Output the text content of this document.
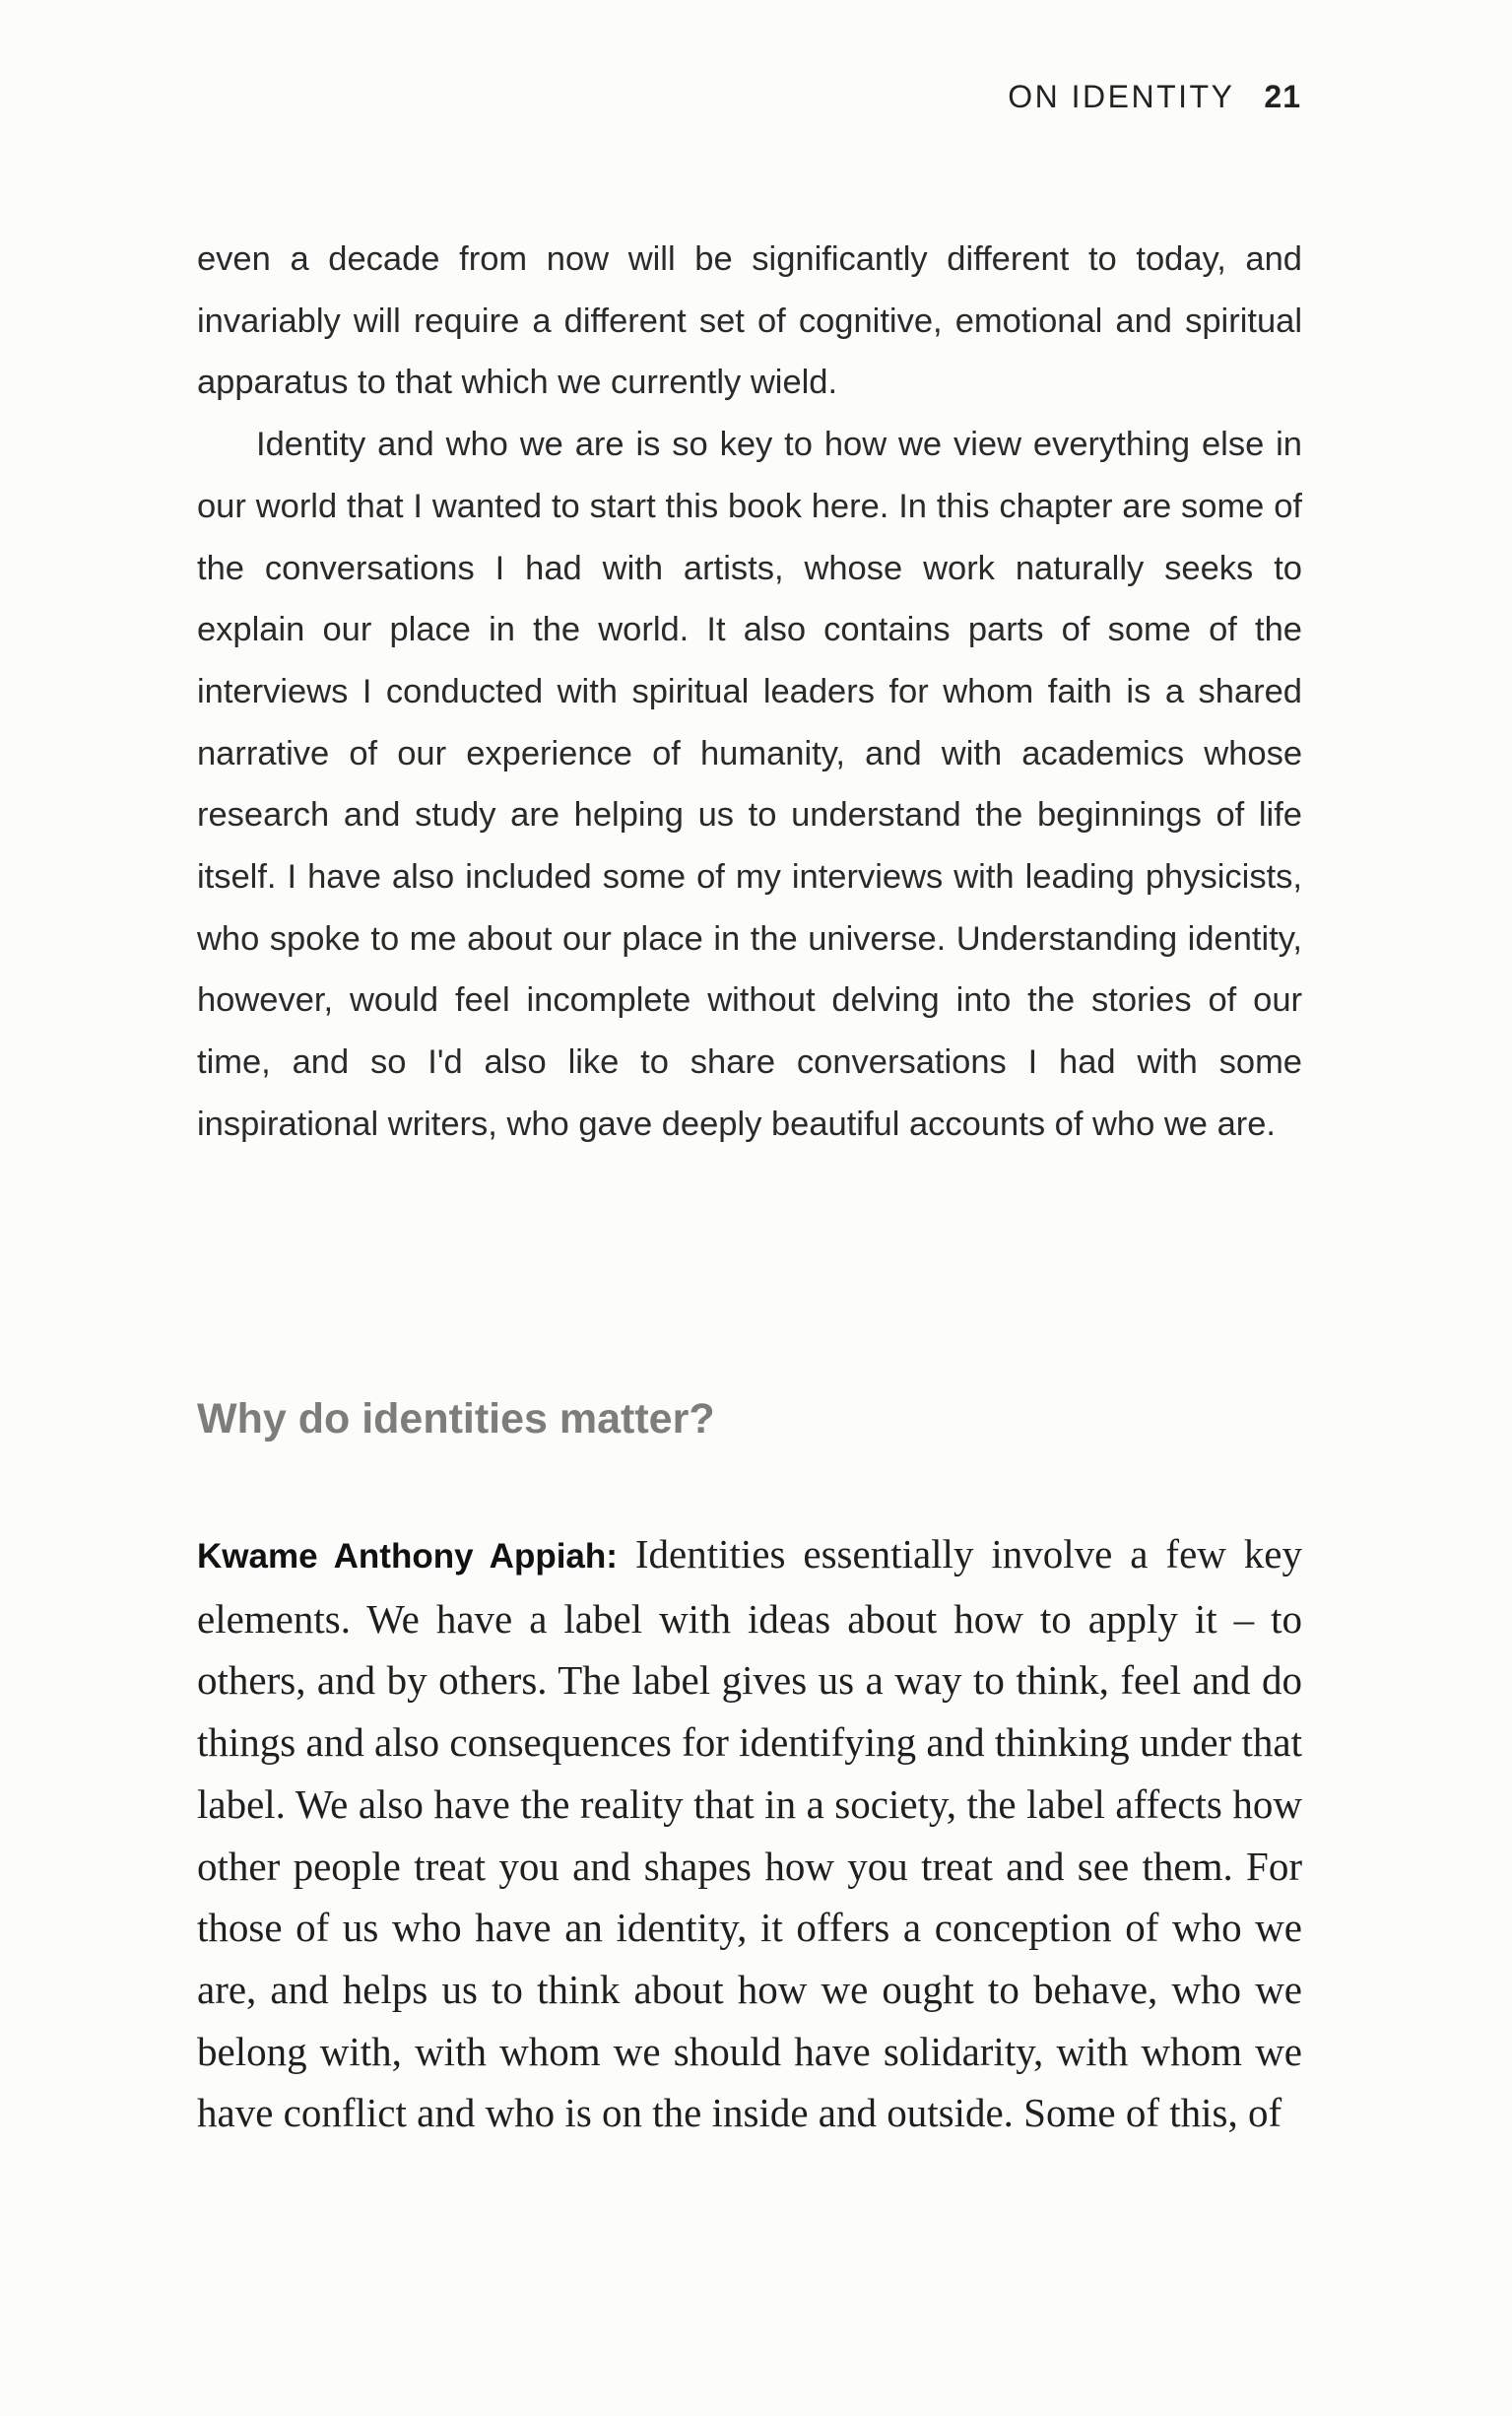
ON IDENTITY 21

even a decade from now will be significantly different to today, and invariably will require a different set of cognitive, emotional and spiritual apparatus to that which we currently wield.

Identity and who we are is so key to how we view everything else in our world that I wanted to start this book here. In this chapter are some of the conversations I had with artists, whose work naturally seeks to explain our place in the world. It also contains parts of some of the interviews I conducted with spiritual leaders for whom faith is a shared narrative of our experience of humanity, and with academics whose research and study are helping us to understand the beginnings of life itself. I have also included some of my interviews with leading physicists, who spoke to me about our place in the universe. Understanding identity, however, would feel incomplete without delving into the stories of our time, and so I'd also like to share conversations I had with some inspirational writers, who gave deeply beautiful accounts of who we are.

Why do identities matter?

Kwame Anthony Appiah: Identities essentially involve a few key elements. We have a label with ideas about how to apply it – to others, and by others. The label gives us a way to think, feel and do things and also consequences for identifying and thinking under that label. We also have the reality that in a society, the label affects how other people treat you and shapes how you treat and see them. For those of us who have an identity, it offers a conception of who we are, and helps us to think about how we ought to behave, who we belong with, with whom we should have solidarity, with whom we have conflict and who is on the inside and outside. Some of this, of
